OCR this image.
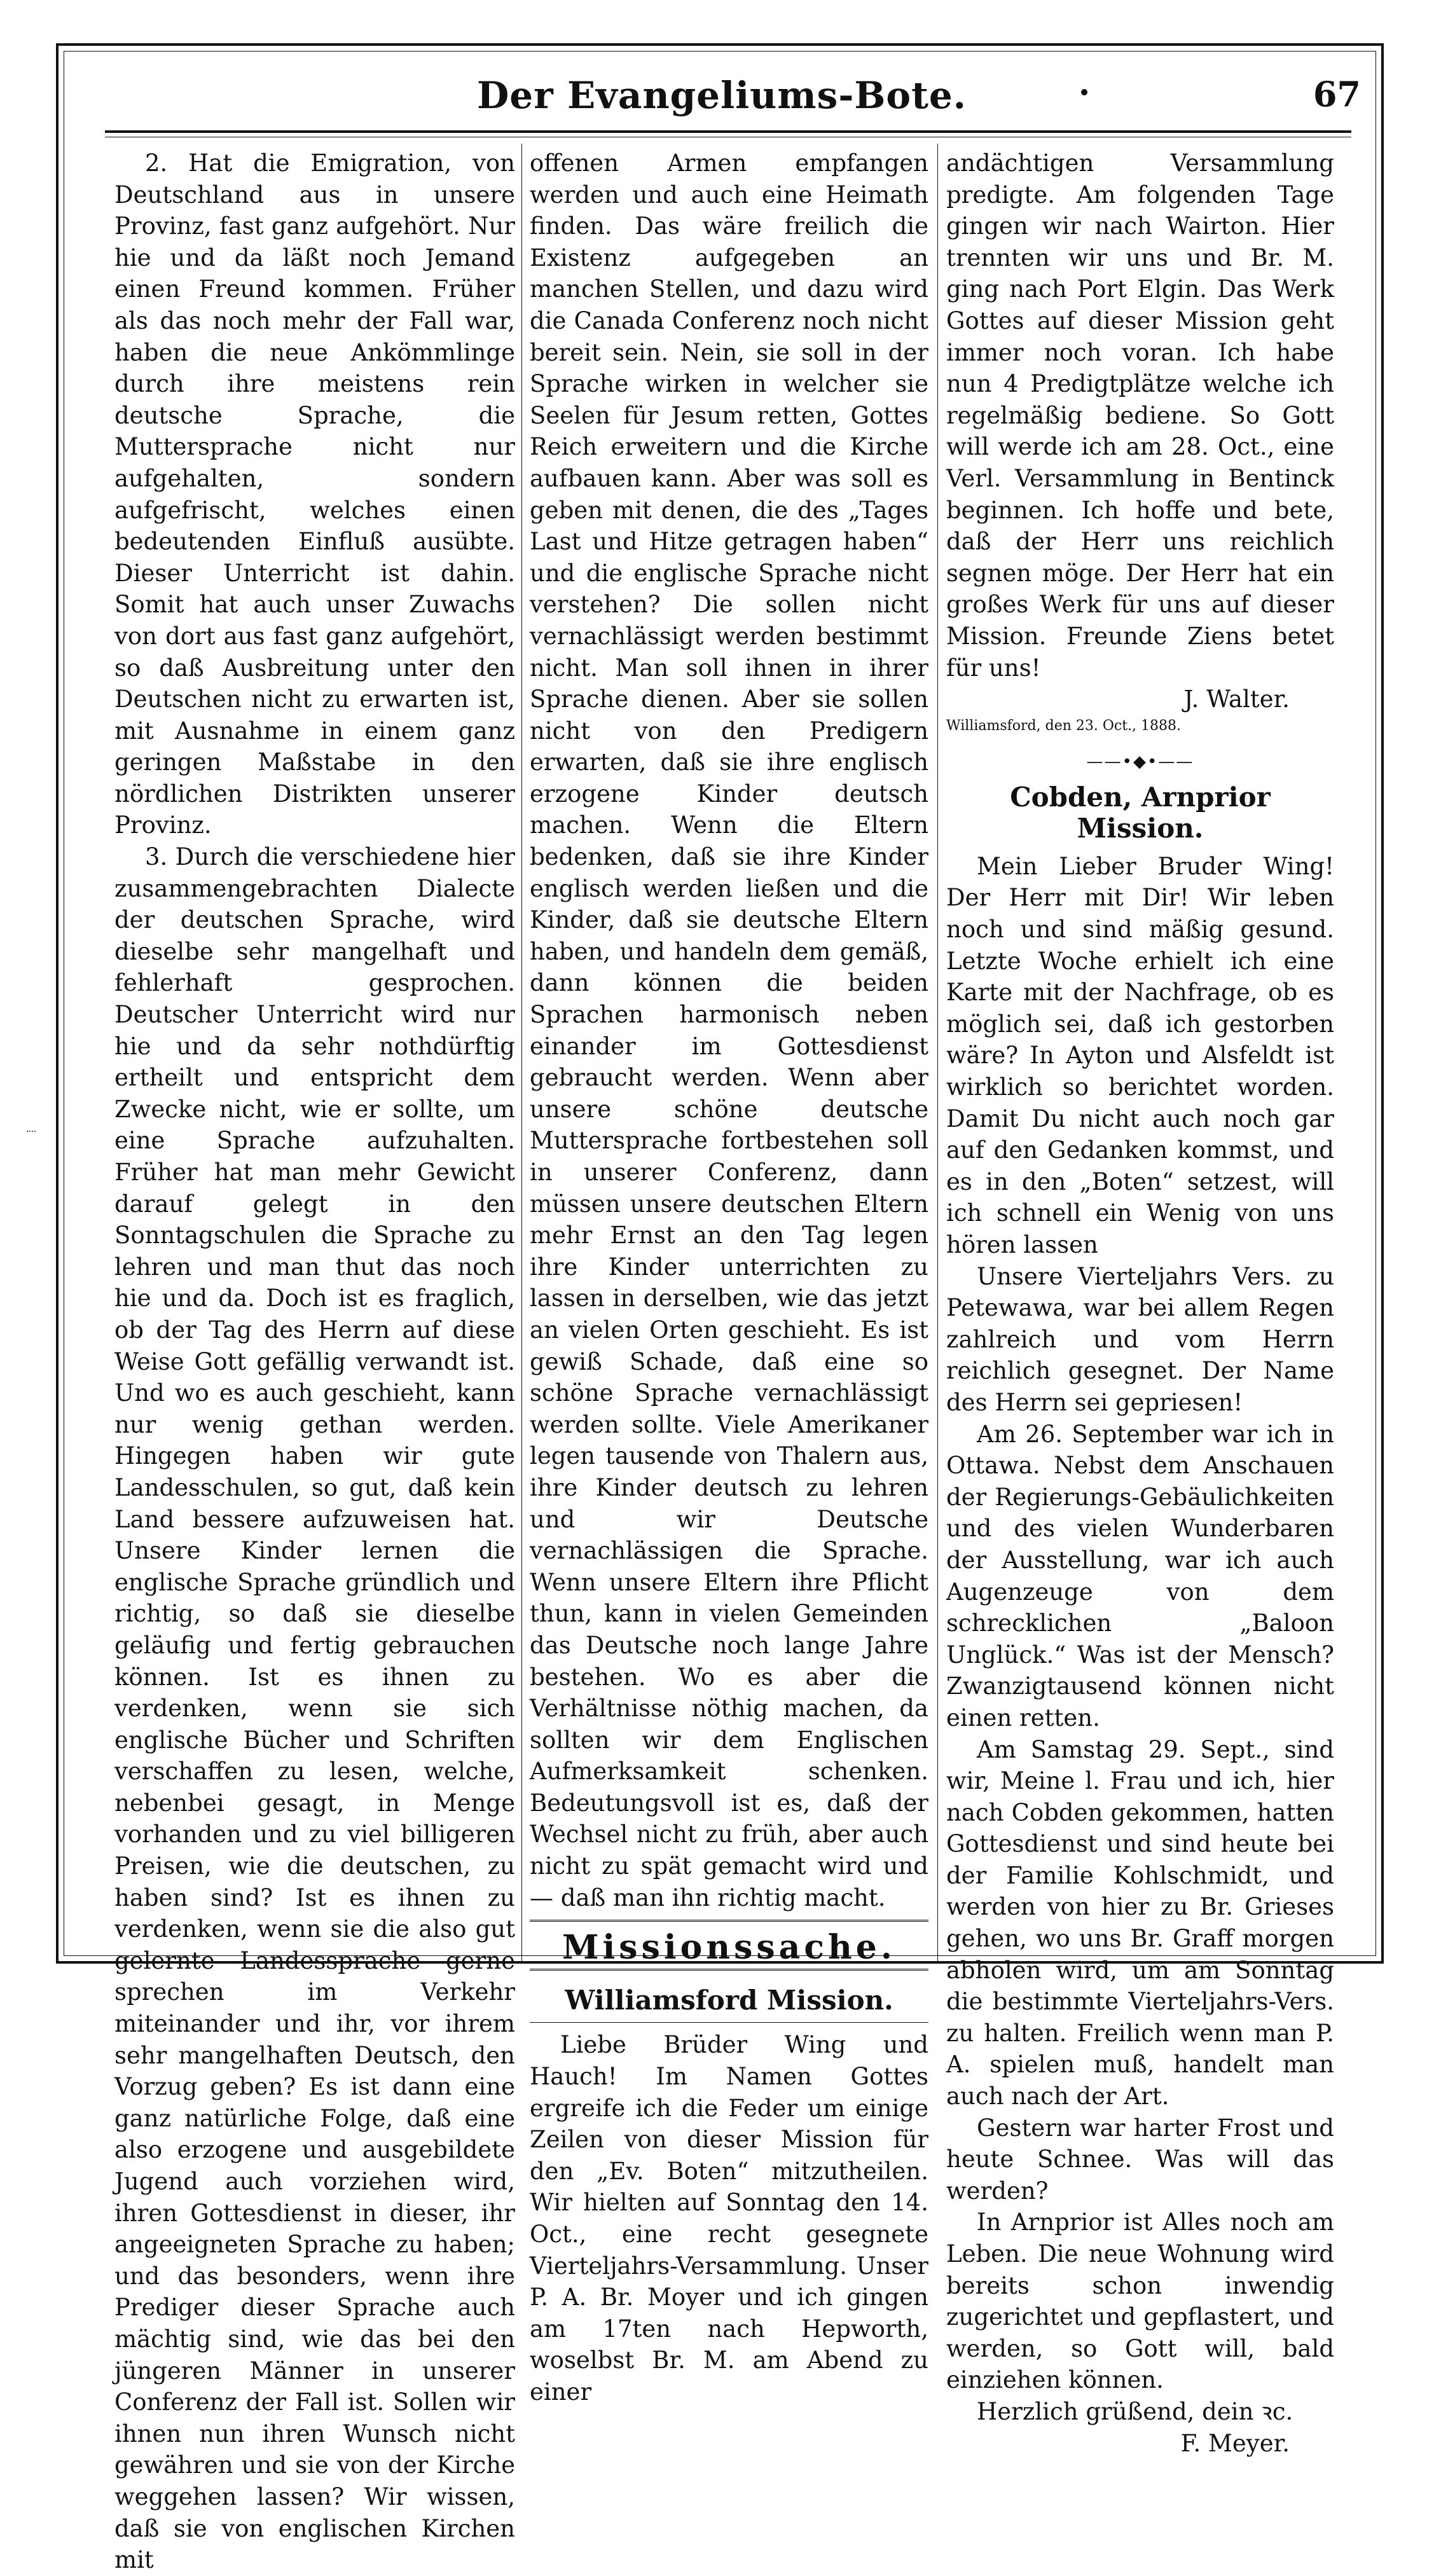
Der Evangeliums-Bote.	67

2. Hat die Emigration, von Deutschland aus in unsere Provinz, fast ganz aufgehört. Nur hie und da läßt noch Jemand einen Freund kommen. Früher als das noch mehr der Fall war, haben die neue Ankömmlinge durch ihre meistens rein deutsche Sprache, die Muttersprache nicht nur aufgehalten, sondern aufgefrischt, welches einen bedeutenden Einfluß ausübte. Dieser Unterricht ist dahin. Somit hat auch unser Zuwachs von dort aus fast ganz aufgehört, so daß Ausbreitung unter den Deutschen nicht zu erwarten ist, mit Ausnahme in einem ganz geringen Maßstabe in den nördlichen Distrikten unserer Provinz.

3. Durch die verschiedene hier zusammengebrachten Dialecte der deutschen Sprache, wird dieselbe sehr mangelhaft und fehlerhaft gesprochen. Deutscher Unterricht wird nur hie und da sehr nothdürftig ertheilt und entspricht dem Zwecke nicht, wie er sollte, um eine Sprache aufzuhalten. Früher hat man mehr Gewicht darauf gelegt in den Sonntagschulen die Sprache zu lehren und man thut das noch hie und da. Doch ist es fraglich, ob der Tag des Herrn auf diese Weise Gott gefällig verwandt ist. Und wo es auch geschieht, kann nur wenig gethan werden. Hingegen haben wir gute Landesschulen, so gut, daß kein Land bessere aufzuweisen hat. Unsere Kinder lernen die englische Sprache gründlich und richtig, so daß sie dieselbe geläufig und fertig gebrauchen können. Ist es ihnen zu verdenken, wenn sie sich englische Bücher und Schriften verschaffen zu lesen, welche, nebenbei gesagt, in Menge vorhanden und zu viel billigeren Preisen, wie die deutschen, zu haben sind? Ist es ihnen zu verdenken, wenn sie die also gut gelernte Landessprache gerne sprechen im Verkehr miteinander und ihr, vor ihrem sehr mangelhaften Deutsch, den Vorzug geben? Es ist dann eine ganz natürliche Folge, daß eine also erzogene und ausgebildete Jugend auch vorziehen wird, ihren Gottesdienst in dieser, ihr angeeigneten Sprache zu haben; und das besonders, wenn ihre Prediger dieser Sprache auch mächtig sind, wie das bei den jüngeren Männer in unserer Conferenz der Fall ist. Sollen wir ihnen nun ihren Wunsch nicht gewähren und sie von der Kirche weggehen lassen? Wir wissen, daß sie von englischen Kirchen mit

offenen Armen empfangen werden und auch eine Heimath finden. Das wäre freilich die Existenz aufgegeben an manchen Stellen, und dazu wird die Canada Conferenz noch nicht bereit sein. Nein, sie soll in der Sprache wirken in welcher sie Seelen für Jesum retten, Gottes Reich erweitern und die Kirche aufbauen kann. Aber was soll es geben mit denen, die des „Tages Last und Hitze getragen haben“ und die englische Sprache nicht verstehen? Die sollen nicht vernachlässigt werden bestimmt nicht. Man soll ihnen in ihrer Sprache dienen. Aber sie sollen nicht von den Predigern erwarten, daß sie ihre englisch erzogene Kinder deutsch machen. Wenn die Eltern bedenken, daß sie ihre Kinder englisch werden ließen und die Kinder, daß sie deutsche Eltern haben, und handeln dem gemäß, dann können die beiden Sprachen harmonisch neben einander im Gottesdienst gebraucht werden. Wenn aber unsere schöne deutsche Muttersprache fortbestehen soll in unserer Conferenz, dann müssen unsere deutschen Eltern mehr Ernst an den Tag legen ihre Kinder unterrichten zu lassen in derselben, wie das jetzt an vielen Orten geschieht. Es ist gewiß Schade, daß eine so schöne Sprache vernachlässigt werden sollte. Viele Amerikaner legen tausende von Thalern aus, ihre Kinder deutsch zu lehren und wir Deutsche vernachlässigen die Sprache. Wenn unsere Eltern ihre Pflicht thun, kann in vielen Gemeinden das Deutsche noch lange Jahre bestehen. Wo es aber die Verhältnisse nöthig machen, da sollten wir dem Englischen Aufmerksamkeit schenken. Bedeutungsvoll ist es, daß der Wechsel nicht zu früh, aber auch nicht zu spät gemacht wird und — daß man ihn richtig macht.

Missionssache.
Williamsford Mission.

Liebe Brüder Wing und Hauch! Im Namen Gottes ergreife ich die Feder um einige Zeilen von dieser Mission für den „Ev. Boten“ mitzutheilen. Wir hielten auf Sonntag den 14. Oct., eine recht gesegnete Vierteljahrs-Versammlung. Unser P. A. Br. Moyer und ich gingen am 17ten nach Hepworth, woselbst Br. M. am Abend zu einer

andächtigen Versammlung predigte. Am folgenden Tage gingen wir nach Wairton. Hier trennten wir uns und Br. M. ging nach Port Elgin. Das Werk Gottes auf dieser Mission geht immer noch voran. Ich habe nun 4 Predigtplätze welche ich regelmäßig bediene. So Gott will werde ich am 28. Oct., eine Verl. Versammlung in Bentinck beginnen. Ich hoffe und bete, daß der Herr uns reichlich segnen möge. Der Herr hat ein großes Werk für uns auf dieser Mission. Freunde Ziens betet für uns!

J. Walter.
Williamsford, den 23. Oct., 1888.
——•◆•——
Cobden, Arnprior Mission.

Mein Lieber Bruder Wing! Der Herr mit Dir! Wir leben noch und sind mäßig gesund. Letzte Woche erhielt ich eine Karte mit der Nachfrage, ob es möglich sei, daß ich gestorben wäre? In Ayton und Alsfeldt ist wirklich so berichtet worden. Damit Du nicht auch noch gar auf den Gedanken kommst, und es in den „Boten“ setzest, will ich schnell ein Wenig von uns hören lassen

Unsere Vierteljahrs Vers. zu Petewawa, war bei allem Regen zahlreich und vom Herrn reichlich gesegnet. Der Name des Herrn sei gepriesen!

Am 26. September war ich in Ottawa. Nebst dem Anschauen der Regierungs-Gebäulichkeiten und des vielen Wunderbaren der Ausstellung, war ich auch Augenzeuge von dem schrecklichen „Baloon Unglück.“ Was ist der Mensch? Zwanzigtausend können nicht einen retten.

Am Samstag 29. Sept., sind wir, Meine l. Frau und ich, hier nach Cobden gekommen, hatten Gottesdienst und sind heute bei der Familie Kohlschmidt, und werden von hier zu Br. Grieses gehen, wo uns Br. Graff morgen abholen wird, um am Sonntag die bestimmte Vierteljahrs-Vers. zu halten. Freilich wenn man P. A. spielen muß, handelt man auch nach der Art.

Gestern war harter Frost und heute Schnee. Was will das werden?

In Arnprior ist Alles noch am Leben. Die neue Wohnung wird bereits schon inwendig zugerichtet und gepflastert, und werden, so Gott will, bald einziehen können.

Herzlich grüßend, dein ꝛc.

F. Meyer.
